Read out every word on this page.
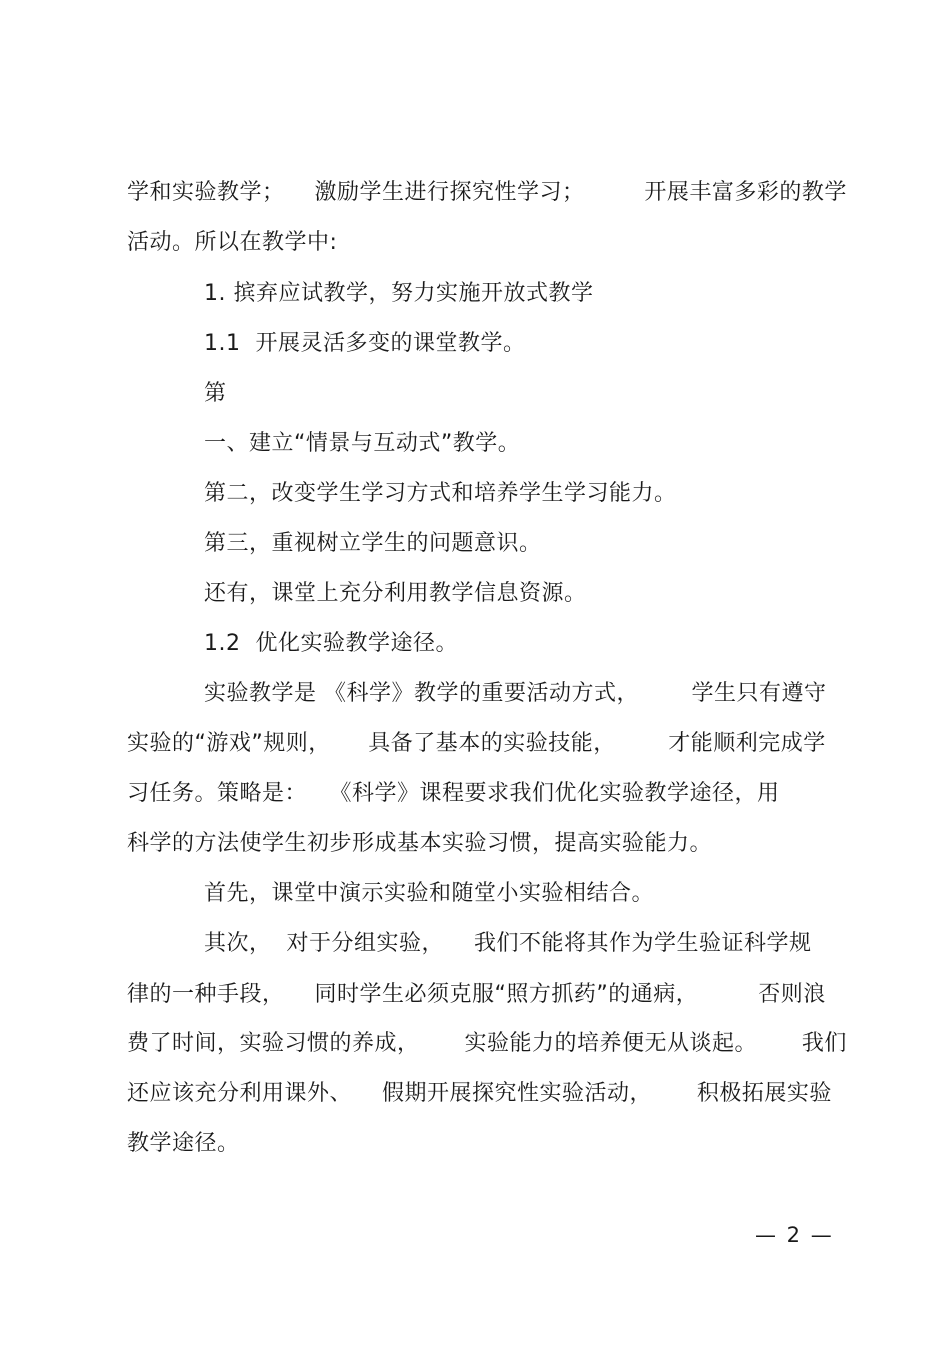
学和实验教学；    激励学生进行探究性学习；        开展丰富多彩的教学
活动。所以在教学中:
1. 摈弃应试教学，努力实施开放式教学
1.1  开展灵活多变的课堂教学。
第
一、建立“情景与互动式”教学。
第二，改变学生学习方式和培养学生学习能力。
第三，重视树立学生的问题意识。
还有，课堂上充分利用教学信息资源。
1.2  优化实验教学途径。
实验教学是 《科学》教学的重要活动方式，       学生只有遵守
实验的“游戏”规则，     具备了基本的实验技能，       才能顺利完成学
习任务。策略是：   《科学》课程要求我们优化实验教学途径，用
科学的方法使学生初步形成基本实验习惯，提高实验能力。
首先，课堂中演示实验和随堂小实验相结合。
其次，  对于分组实验，    我们不能将其作为学生验证科学规
律的一种手段，    同时学生必须克服“照方抓药”的通病，        否则浪
费了时间，实验习惯的养成，      实验能力的培养便无从谈起。      我们
还应该充分利用课外、    假期开展探究性实验活动，      积极拓展实验
教学途径。
— 2 —
